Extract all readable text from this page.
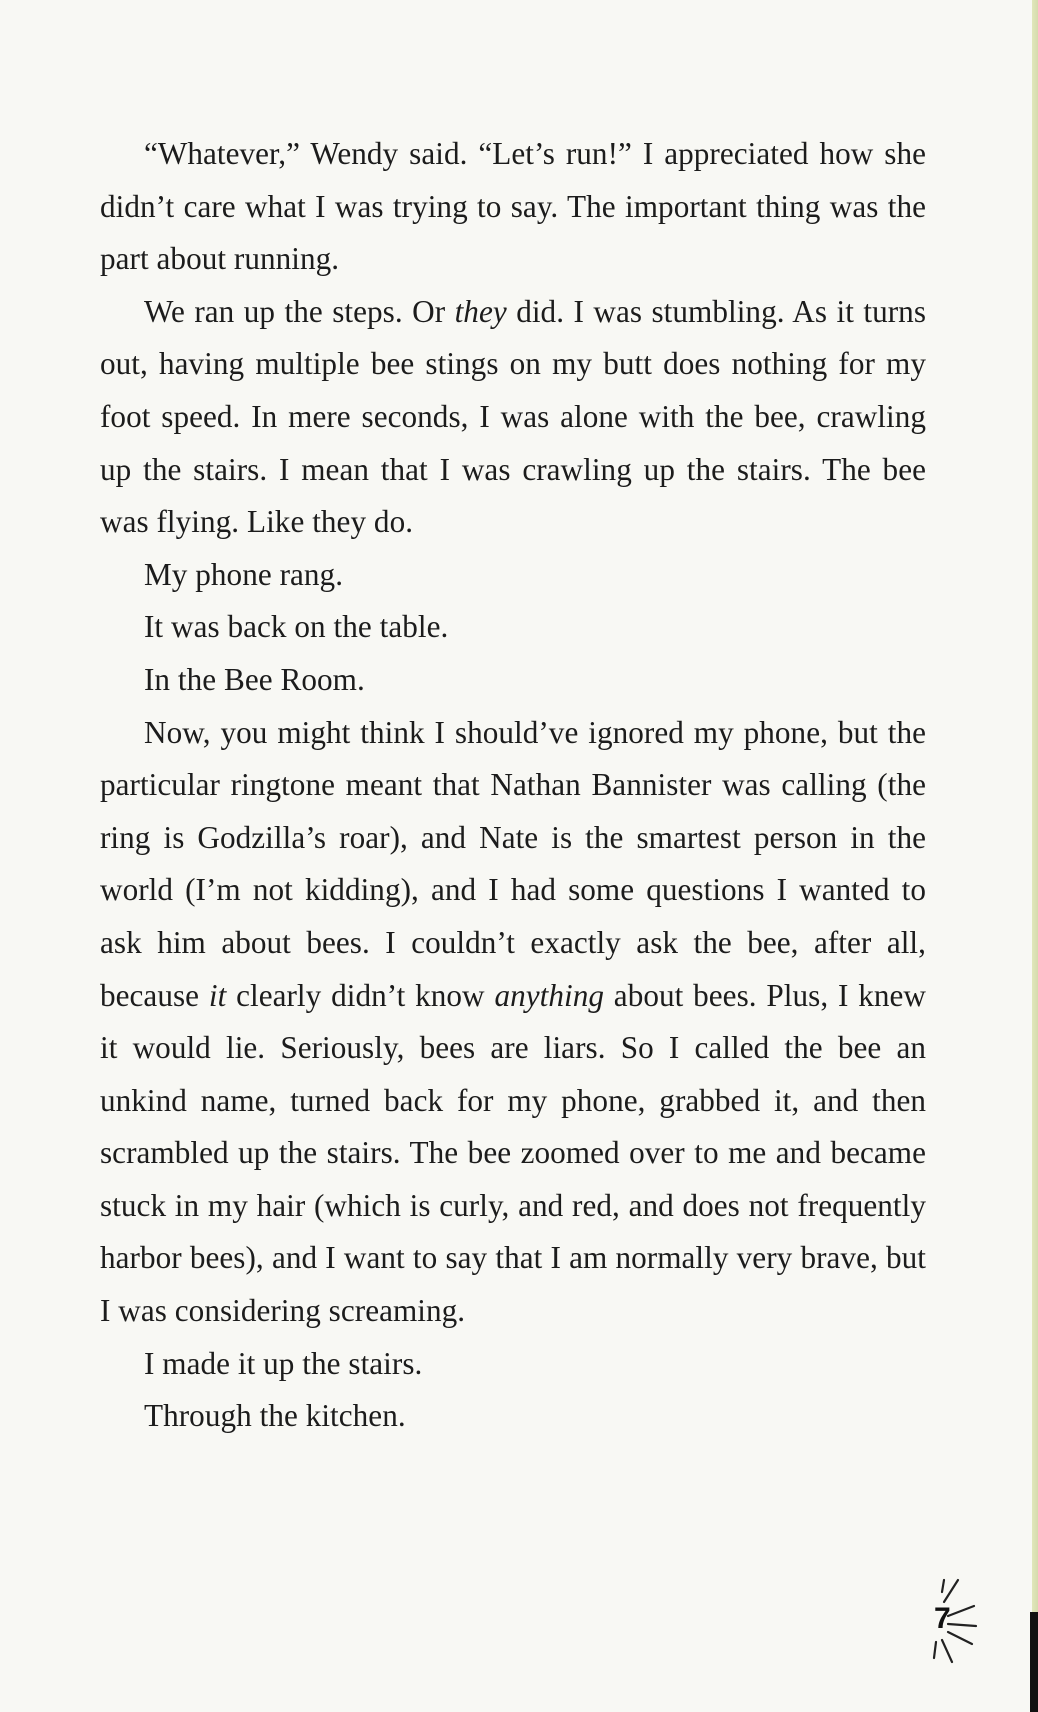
“Whatever,” Wendy said. “Let’s run!” I appreciated how she didn’t care what I was trying to say. The important thing was the part about running.

We ran up the steps. Or they did. I was stumbling. As it turns out, having multiple bee stings on my butt does nothing for my foot speed. In mere seconds, I was alone with the bee, crawling up the stairs. I mean that I was crawling up the stairs. The bee was flying. Like they do.

My phone rang.

It was back on the table.

In the Bee Room.

Now, you might think I should’ve ignored my phone, but the particular ringtone meant that Nathan Bannister was calling (the ring is Godzilla’s roar), and Nate is the smartest person in the world (I’m not kidding), and I had some questions I wanted to ask him about bees. I couldn’t exactly ask the bee, after all, because it clearly didn’t know anything about bees. Plus, I knew it would lie. Seriously, bees are liars. So I called the bee an unkind name, turned back for my phone, grabbed it, and then scrambled up the stairs. The bee zoomed over to me and became stuck in my hair (which is curly, and red, and does not frequently harbor bees), and I want to say that I am normally very brave, but I was considering screaming.

I made it up the stairs.

Through the kitchen.

7
